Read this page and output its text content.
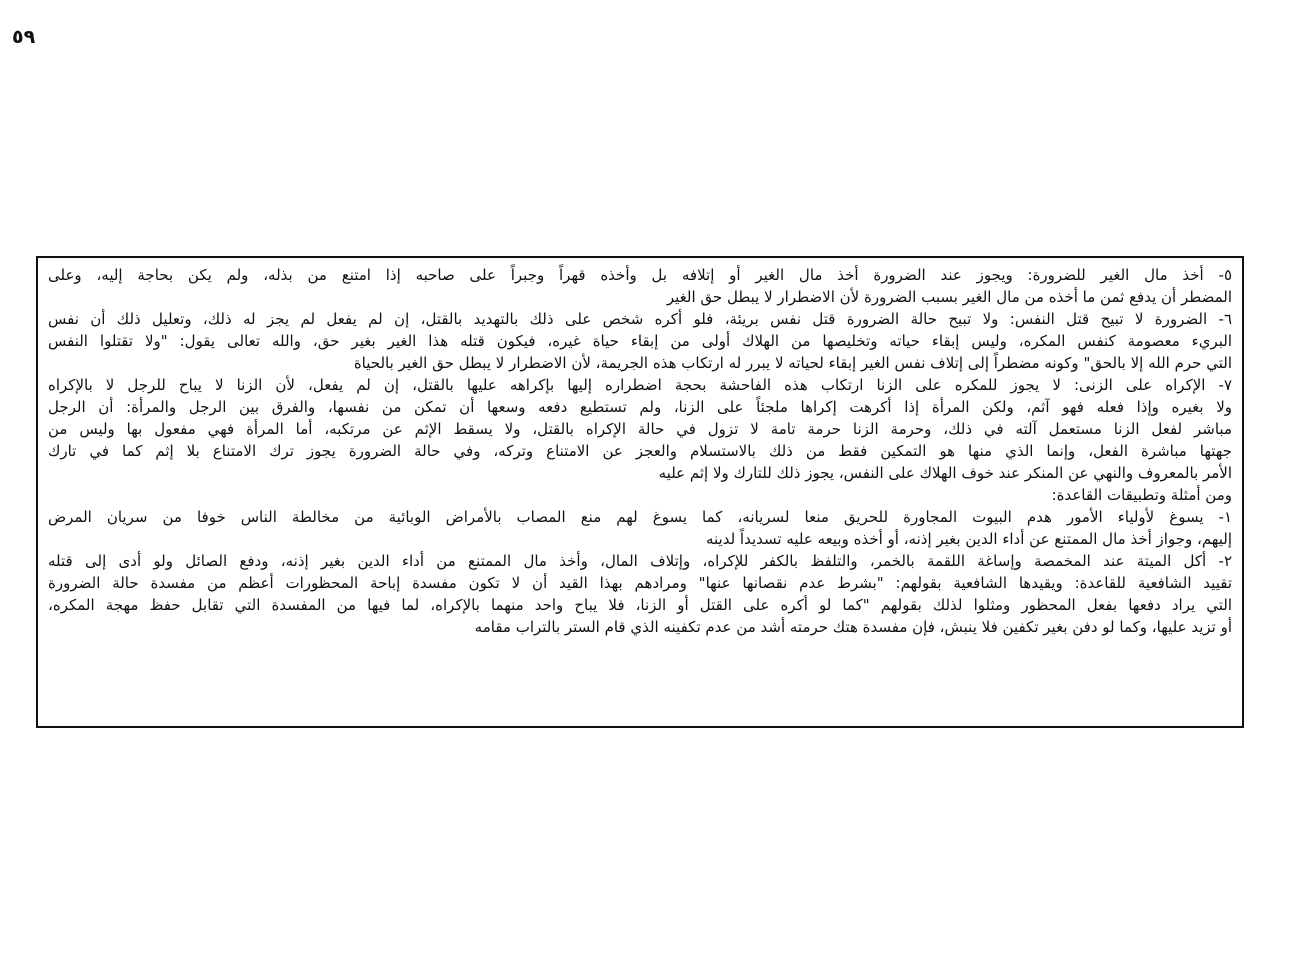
٥٩
٥- أخذ مال الغير للضرورة: ويجوز عند الضرورة أخذ مال الغير أو إتلافه بل وأخذه قهراً وجبراً على صاحبه إذا امتنع من بذله، ولم يكن بحاجة إليه، وعلى
المضطر أن يدفع ثمن ما أخذه من مال الغير بسبب الضرورة لأن الاضطرار لا يبطل حق الغير
٦- الضرورة لا تبيح قتل النفس: ولا تبيح حالة الضرورة قتل نفس بريئة، فلو أكره شخص على ذلك بالتهديد بالقتل، إن لم يفعل لم يجز له ذلك، وتعليل ذلك أن نفس
البريء معصومة كنفس المكره، وليس إبقاء حياته وتخليصها من الهلاك أولى من إبقاء حياة غيره، فيكون قتله هذا الغير بغير حق، والله تعالى يقول: "ولا تقتلوا النفس
التي حرم الله إلا بالحق" وكونه مضطراً إلى إتلاف نفس الغير إبقاء لحياته لا يبرر له ارتكاب هذه الجريمة، لأن الاضطرار لا يبطل حق الغير بالحياة
٧- الإكراه على الزنى: لا يجوز للمكره على الزنا ارتكاب هذه الفاحشة بحجة اضطراره إليها بإكراهه عليها بالقتل، إن لم يفعل، لأن الزنا لا يباح للرجل لا بالإكراه
ولا بغيره وإذا فعله فهو آثم، ولكن المرأة إذا أكرهت إكراها ملجئاً على الزنا، ولم تستطيع دفعه وسعها أن تمكن من نفسها، والفرق بين الرجل والمرأة: أن الرجل
مباشر لفعل الزنا مستعمل آلته في ذلك، وحرمة الزنا حرمة تامة لا تزول في حالة الإكراه بالقتل، ولا يسقط الإثم عن مرتكبه، أما المرأة فهي مفعول بها وليس من
جهتها مباشرة الفعل، وإنما الذي منها هو التمكين فقط من ذلك بالاستسلام والعجز عن الامتناع وتركه، وفي حالة الضرورة يجوز ترك الامتناع بلا إثم كما في تارك
الأمر بالمعروف والنهي عن المنكر عند خوف الهلاك على النفس، يجوز ذلك للتارك ولا إثم عليه
ومن أمثلة وتطبيقات القاعدة:
١- يسوغ لأولياء الأمور هدم البيوت المجاورة للحريق منعا لسريانه، كما يسوغ لهم منع المصاب بالأمراض الوبائية من مخالطة الناس خوفا من سريان المرض
إليهم، وجواز أخذ مال الممتنع عن أداء الدين بغير إذنه، أو أخذه وبيعه عليه تسديداً لدينه
٢- أكل الميتة عند المخمصة وإساغة اللقمة بالخمر، والتلفظ بالكفر للإكراه، وإتلاف المال، وأخذ مال الممتنع من أداء الدين بغير إذنه، ودفع الصائل ولو أدى إلى قتله
تقييد الشافعية للقاعدة: ويقيدها الشافعية بقولهم: "بشرط عدم نقصانها عنها" ومرادهم بهذا القيد أن لا تكون مفسدة إباحة المحظورات أعظم من مفسدة حالة الضرورة
التي يراد دفعها بفعل المحظور ومثلوا لذلك بقولهم "كما لو أكره على القتل أو الزنا، فلا يباح واحد منهما بالإكراه، لما فيها من المفسدة التي تقابل حفظ مهجة المكره،
أو تزيد عليها، وكما لو دفن بغير تكفين فلا ينبش، فإن مفسدة هتك حرمته أشد من عدم تكفينه الذي قام الستر بالتراب مقامه
